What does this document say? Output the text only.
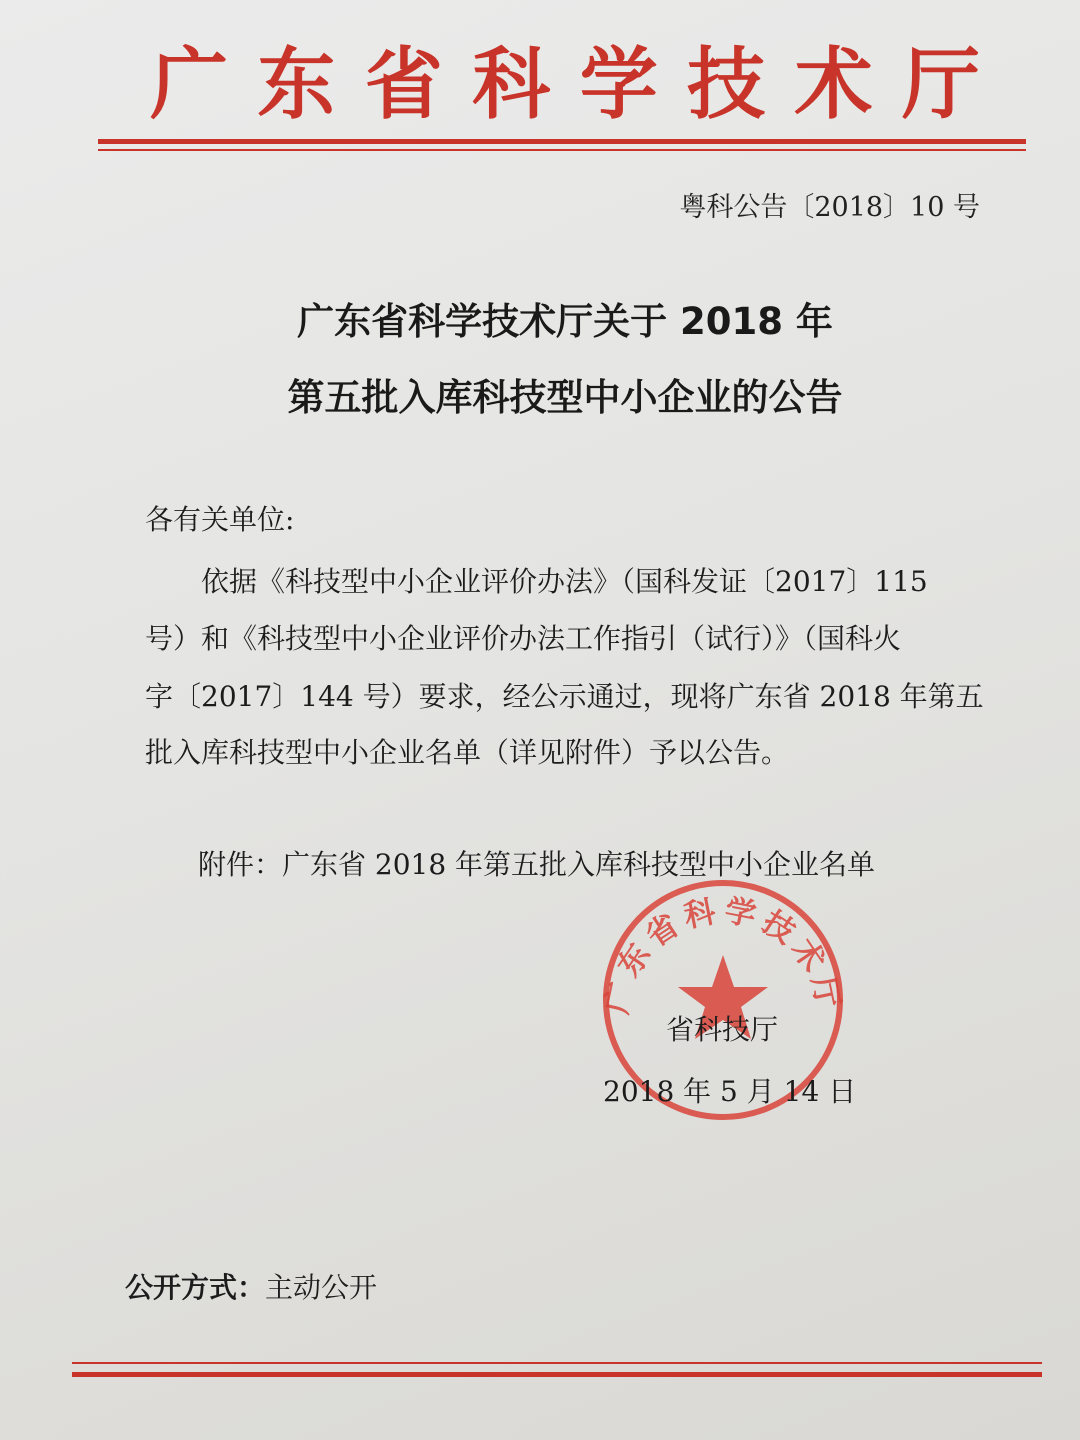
广 东 省 科 学 技 术 厅
粤科公告〔2018〕10 号
广东省科学技术厅关于 2018 年
第五批入库科技型中小企业的公告
各有关单位:
　　依据《科技型中小企业评价办法》（国科发证〔2017〕115
号）和《科技型中小企业评价办法工作指引（试行）》（国科火
字〔2017〕144 号）要求，经公示通过，现将广东省 2018 年第五
批入库科技型中小企业名单（详见附件）予以公告。
附件：广东省 2018 年第五批入库科技型中小企业名单
广东省科学技术厅
省科技厅
2018 年 5 月 14 日
公开方式：主动公开
